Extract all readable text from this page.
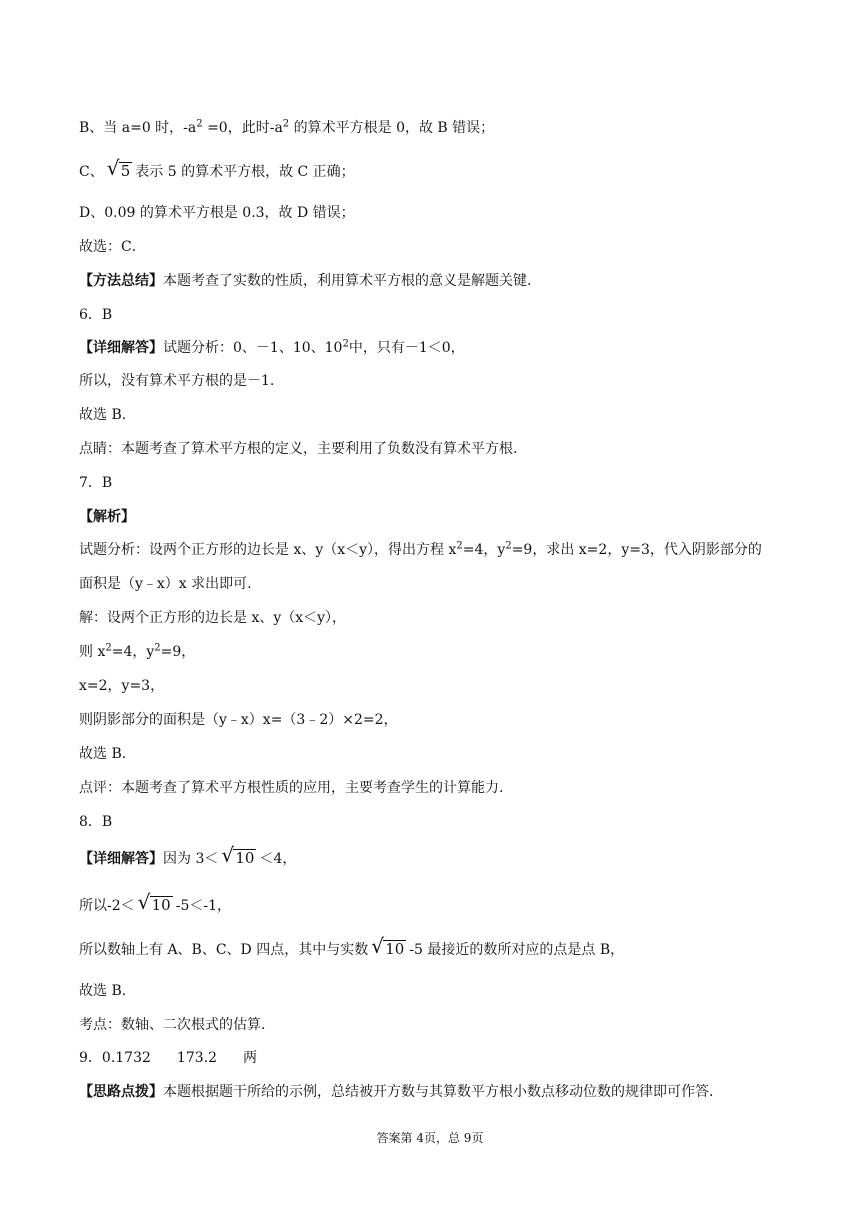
B、当 a=0 时，$-a^2 =0$，此时$-a^2$ 的算术平方根是 0，故 B 错误；
C、 √ 5 表示 5 的算术平方根，故 C 正确；
D、0.09 的算术平方根是 0.3，故 D 错误；
故选：C．
【方法总结】本题考查了实数的性质，利用算术平方根的意义是解题关键.
6．B
【详细解答】试题分析：0、－1、10、$10^2$中，只有－1＜0，
所以，没有算术平方根的是－1.
故选 B.
点睛：本题考查了算术平方根的定义，主要利用了负数没有算术平方根.
7．B
【解析】
试题分析：设两个正方形的边长是 x、y（x＜y），得出方程 $x^2=4$，$y^2=9$，求出 x=2，y=3，代入阴影部分的
面积是（y﹣x）x 求出即可.
解：设两个正方形的边长是 x、y（x＜y），
则 $x^2=4$，$y^2=9$，
x=2，y=3，
则阴影部分的面积是（y﹣x）x=（3﹣2）×2=2，
故选 B.
点评：本题考查了算术平方根性质的应用，主要考查学生的计算能力.
8．B
【详细解答】因为 3＜ √ 10 ＜4，
所以-2＜ √ 10 -5＜-1，
所以数轴上有 A、B、C、D 四点，其中与实数 √ 10 -5 最接近的数所对应的点是点 B，
故选 B.
考点：数轴、二次根式的估算.
9．0.1732 173.2 两
【思路点拨】本题根据题干所给的示例，总结被开方数与其算数平方根小数点移动位数的规律即可作答.
答案第 4页，总 9页
